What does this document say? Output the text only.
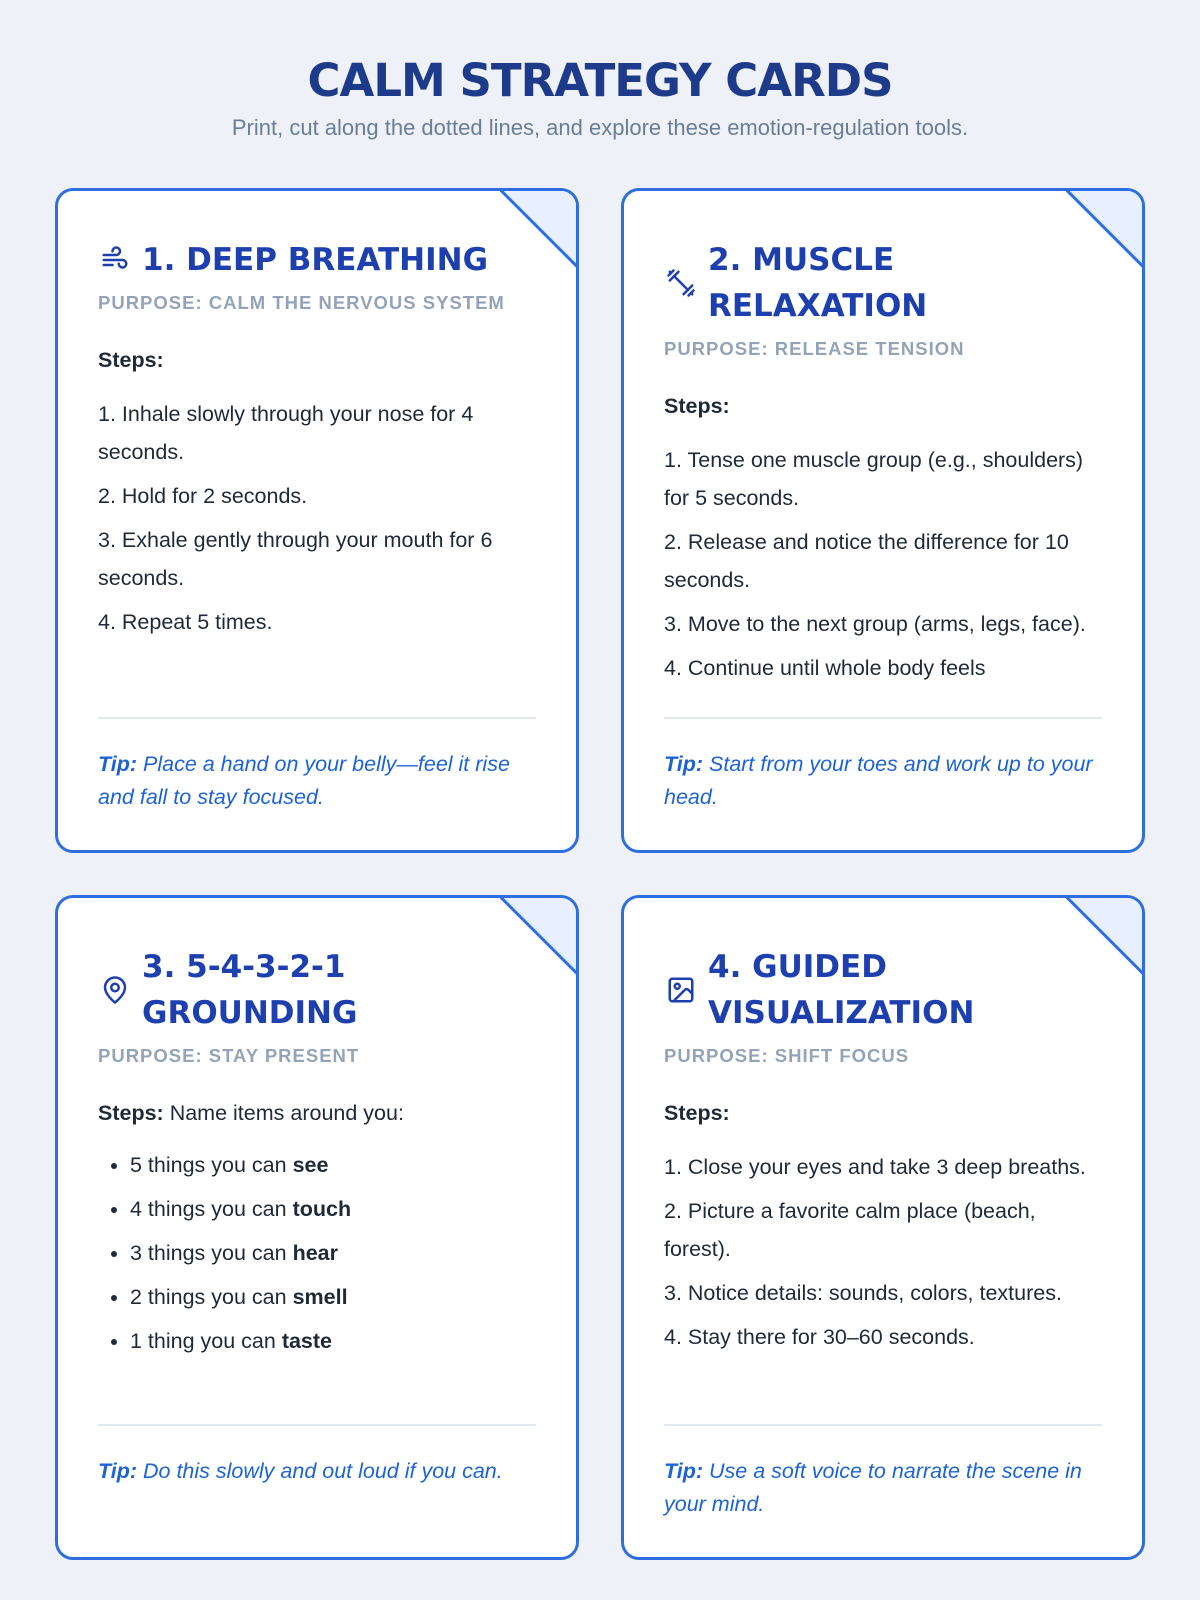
CALM STRATEGY CARDS
Print, cut along the dotted lines, and explore these emotion-regulation tools.
1. DEEP BREATHING
PURPOSE: CALM THE NERVOUS SYSTEM
Steps:
1. Inhale slowly through your nose for 4 seconds.
2. Hold for 2 seconds.
3. Exhale gently through your mouth for 6 seconds.
4. Repeat 5 times.
Tip: Place a hand on your belly—feel it rise and fall to stay focused.
2. MUSCLE RELAXATION
PURPOSE: RELEASE TENSION
Steps:
1. Tense one muscle group (e.g., shoulders) for 5 seconds.
2. Release and notice the difference for 10 seconds.
3. Move to the next group (arms, legs, face).
4. Continue until whole body feels
Tip: Start from your toes and work up to your head.
3. 5-4-3-2-1 GROUNDING
PURPOSE: STAY PRESENT
Steps: Name items around you:
• 5 things you can see
• 4 things you can touch
• 3 things you can hear
• 2 things you can smell
• 1 thing you can taste
Tip: Do this slowly and out loud if you can.
4. GUIDED VISUALIZATION
PURPOSE: SHIFT FOCUS
Steps:
1. Close your eyes and take 3 deep breaths.
2. Picture a favorite calm place (beach, forest).
3. Notice details: sounds, colors, textures.
4. Stay there for 30–60 seconds.
Tip: Use a soft voice to narrate the scene in your mind.
